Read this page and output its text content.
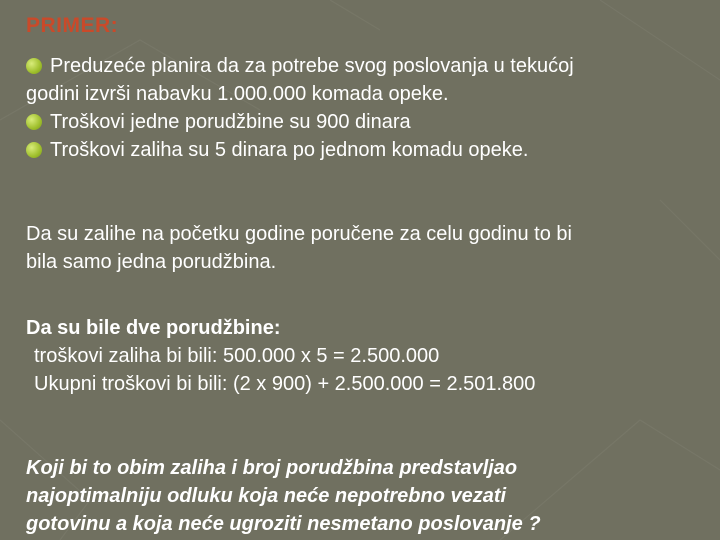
PRIMER:
Preduzeće planira da za potrebe svog poslovanja u tekućoj
godini izvrši nabavku 1.000.000 komada opeke.
Troškovi jedne porudžbine su 900 dinara
Troškovi zaliha su 5 dinara po jednom komadu opeke.
Da su zalihe na početku godine poručene za celu godinu to bi
bila samo jedna porudžbina.
Da su bile dve porudžbine:
troškovi zaliha bi bili: 500.000 x 5 = 2.500.000
Ukupni troškovi bi bili: (2 x 900) + 2.500.000 = 2.501.800
Koji bi to obim zaliha i broj porudžbina predstavljao
najoptimalniju odluku koja neće nepotrebno vezati
gotovinu a koja neće ugroziti nesmetano poslovanje ?
